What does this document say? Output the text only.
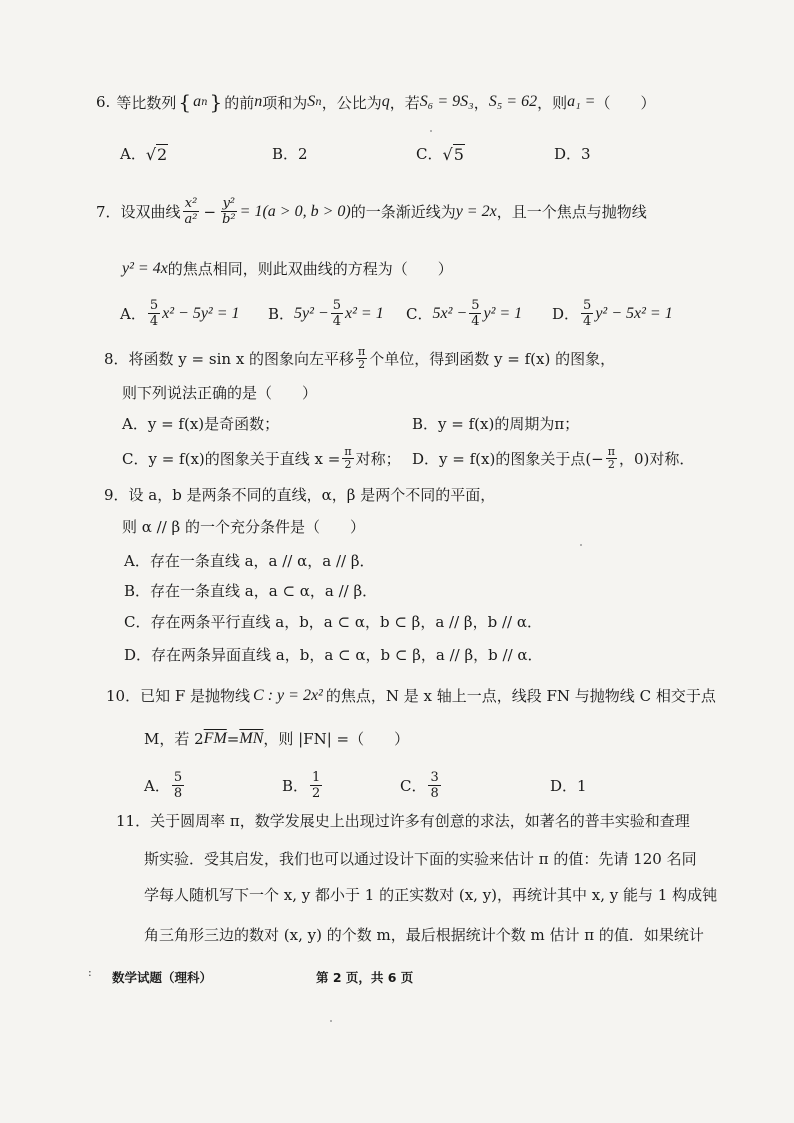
6. 等比数列 { a n } 的前 n 项和为 S n ，公比为 q ，若 S₆ = 9S₃ ， S₅ = 62 ，则 a₁ = （　　）
A． √ 2	B．2	C． √ 5	D．3
7．设双曲线 $\frac{\text{x²}}{\text{a²}} - \frac{\text{y²}}{\text{b²}} = 1(a > 0$, b > 0) 的一条渐近线为 y = 2x ，且一个焦点与抛物线
y² = 4x 的焦点相同，则此双曲线的方程为（　　）
A． $\frac{5}{4} x^2 - 5y^2 = 1$ B． $5y^2 - \frac{5}{4} x^2 = 1$ C． $5x^2 - \frac{5}{4} y^2 = 1$ D． $\frac{5}{4} y^2 - 5x^2 = 1$
8．将函数 y = sin x 的图象向左平移 $\frac{\pi}{2}$ 个单位，得到函数 y = f(x) 的图象，
则下列说法正确的是（　　）
A．y = f(x)是奇函数；	B．y = f(x)的周期为π；
C．y = f(x)的图象关于直线 $x = \frac{\pi}{2}$ 对称； D．y = f(x)的图象关于点(− $\frac{\pi}{2}$ ，0)对称．
9．设 a，b 是两条不同的直线，α，β 是两个不同的平面，
则 α // β 的一个充分条件是（　　）
A．存在一条直线 a，a // α，a // β．
B．存在一条直线 a，a ⊂ α，a // β．
C．存在两条平行直线 a，b，a ⊂ α，b ⊂ β，a // β，b // α．
D．存在两条异面直线 a，b，a ⊂ α，b ⊂ β，a // β，b // α．
10．已知 F 是抛物线 C : y = 2x² 的焦点，N 是 x 轴上一点，线段 FN 与抛物线 C 相交于点
M，若 2 $\overline{FM} = \overline{MN}$ ，则 |FN| =（　　）
A． $\frac{5}{8}$	B． $\frac{1}{2}$	C． $\frac{3}{8}$	D．1
11．关于圆周率 π，数学发展史上出现过许多有创意的求法，如著名的普丰实验和查理
斯实验．受其启发，我们也可以通过设计下面的实验来估计 π 的值：先请 120 名同
学每人随机写下一个 x, y 都小于 1 的正实数对 (x, y)，再统计其中 x, y 能与 1 构成钝
角三角形三边的数对 (x, y) 的个数 m，最后根据统计个数 m 估计 π 的值．如果统计
: 数学试题（理科）	第 2 页，共 6 页
